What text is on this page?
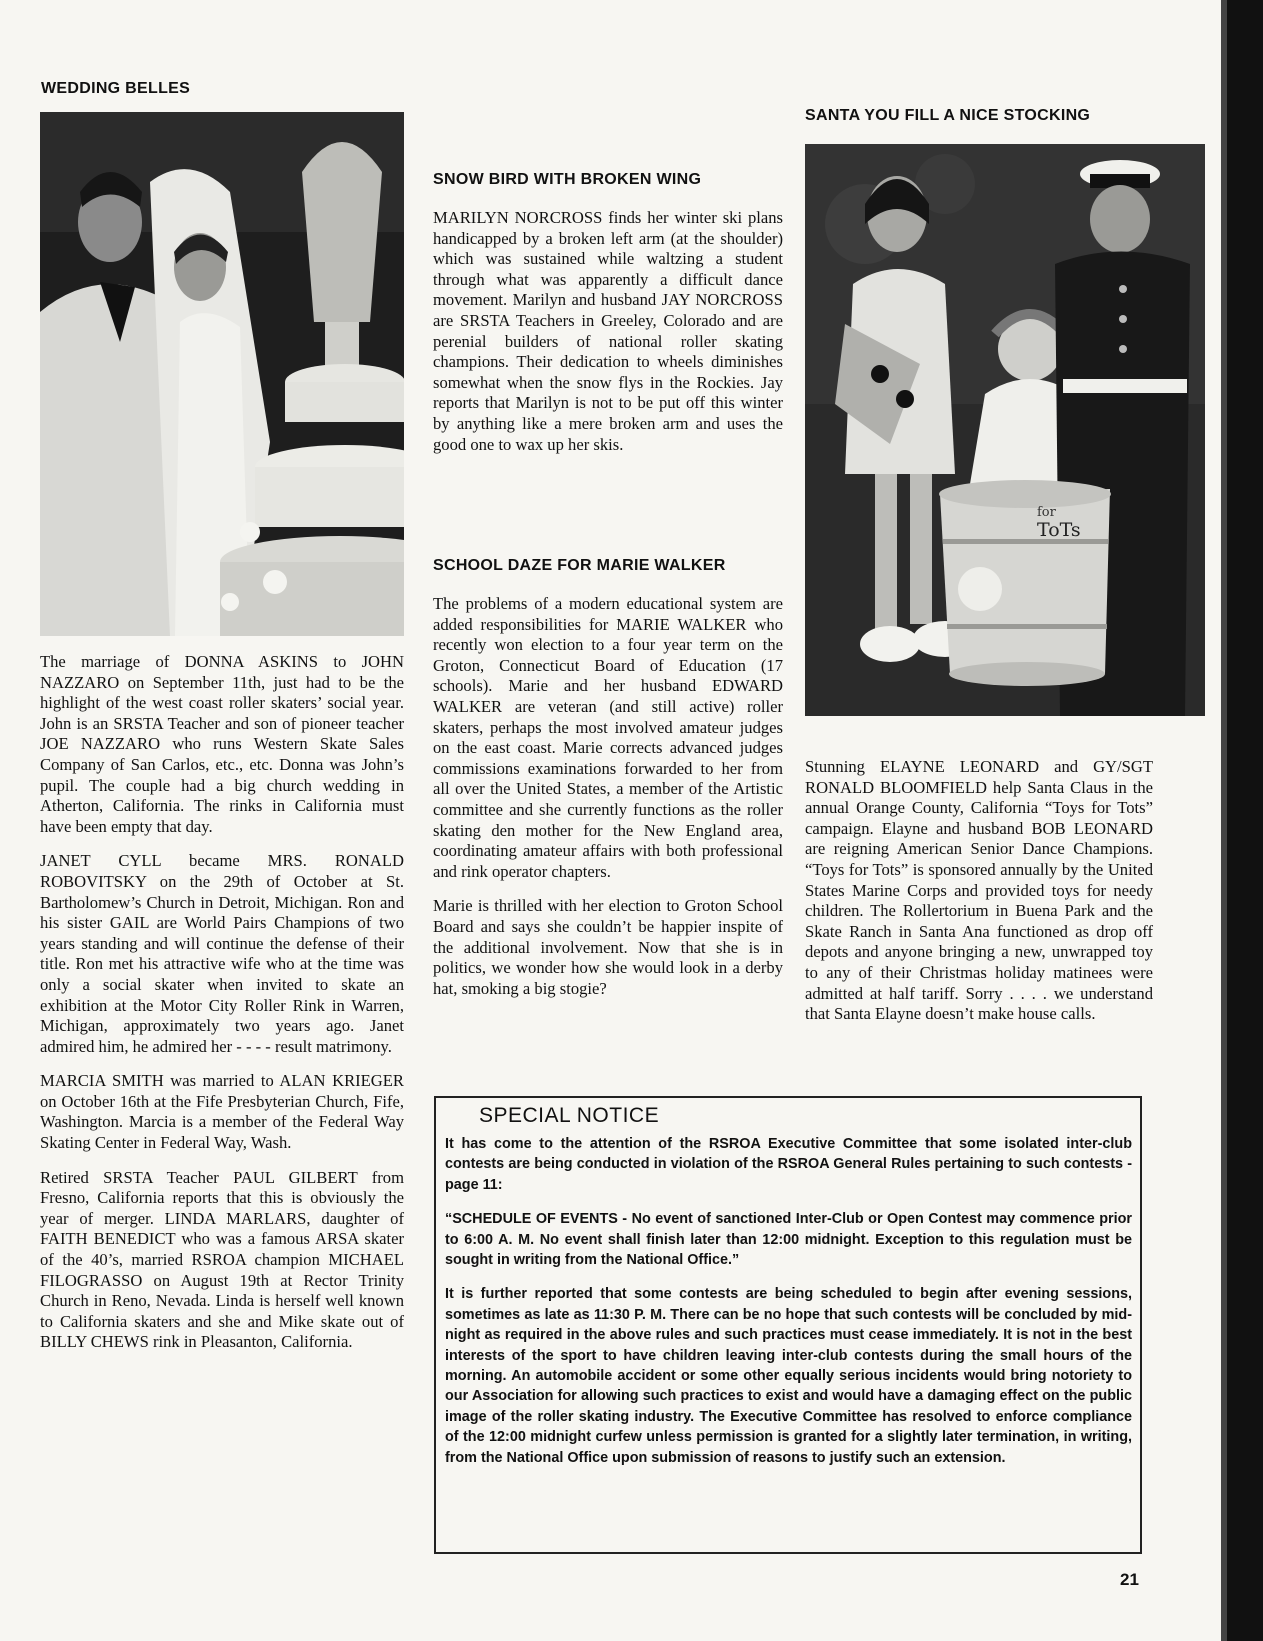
WEDDING BELLES

The marriage of DONNA ASKINS to JOHN NAZZARO on September 11th, just had to be the highlight of the west coast roller skaters’ social year. John is an SRSTA Teacher and son of pioneer teacher JOE NAZZARO who runs Western Skate Sales Company of San Carlos, etc., etc. Donna was John’s pupil. The couple had a big church wedding in Atherton, California. The rinks in California must have been empty that day.

JANET CYLL became MRS. RONALD ROBOVITSKY on the 29th of October at St. Bartholomew’s Church in Detroit, Michigan. Ron and his sister GAIL are World Pairs Champions of two years standing and will continue the defense of their title. Ron met his attractive wife who at the time was only a social skater when invited to skate an exhibition at the Motor City Roller Rink in Warren, Michigan, approximately two years ago. Janet admired him, he admired her - - - - result matrimony.

MARCIA SMITH was married to ALAN KRIEGER on October 16th at the Fife Presbyterian Church, Fife, Washington. Marcia is a member of the Federal Way Skating Center in Federal Way, Wash.

Retired SRSTA Teacher PAUL GILBERT from Fresno, California reports that this is obviously the year of merger. LINDA MARLARS, daughter of FAITH BENEDICT who was a famous ARSA skater of the 40’s, married RSROA champion MICHAEL FILOGRASSO on August 19th at Rector Trinity Church in Reno, Nevada. Linda is herself well known to California skaters and she and Mike skate out of BILLY CHEWS rink in Pleasanton, California.

SNOW BIRD WITH BROKEN WING

MARILYN NORCROSS finds her winter ski plans handicapped by a broken left arm (at the shoulder) which was sustained while waltzing a student through what was apparently a difficult dance movement. Marilyn and husband JAY NORCROSS are SRSTA Teachers in Greeley, Colorado and are perenial builders of national roller skating champions. Their dedication to wheels diminishes somewhat when the snow flys in the Rockies. Jay reports that Marilyn is not to be put off this winter by anything like a mere broken arm and uses the good one to wax up her skis.

SCHOOL DAZE FOR MARIE WALKER

The problems of a modern educational system are added responsibilities for MARIE WALKER who recently won election to a four year term on the Groton, Connecticut Board of Education (17 schools). Marie and her husband EDWARD WALKER are veteran (and still active) roller skaters, perhaps the most involved amateur judges on the east coast. Marie corrects advanced judges commissions examinations forwarded to her from all over the United States, a member of the Artistic committee and she currently functions as the roller skating den mother for the New England area, coordinating amateur affairs with both professional and rink operator chapters.

Marie is thrilled with her election to Groton School Board and says she couldn’t be happier inspite of the additional involvement. Now that she is in politics, we wonder how she would look in a derby hat, smoking a big stogie?

SANTA YOU FILL A NICE STOCKING
for
ToTs

Stunning ELAYNE LEONARD and GY/SGT RONALD BLOOMFIELD help Santa Claus in the annual Orange County, California “Toys for Tots” campaign. Elayne and husband BOB LEONARD are reigning American Senior Dance Champions. “Toys for Tots” is sponsored annually by the United States Marine Corps and provided toys for needy children. The Rollertorium in Buena Park and the Skate Ranch in Santa Ana functioned as drop off depots and anyone bringing a new, unwrapped toy to any of their Christmas holiday matinees were admitted at half tariff. Sorry . . . . we understand that Santa Elayne doesn’t make house calls.

SPECIAL NOTICE

It has come to the attention of the RSROA Executive Committee that some isolated inter-club contests are being conducted in violation of the RSROA General Rules pertaining to such contests - page 11:

“SCHEDULE OF EVENTS - No event of sanctioned Inter-Club or Open Contest may commence prior to 6:00 A. M. No event shall finish later than 12:00 midnight. Exception to this regulation must be sought in writing from the National Office.”

It is further reported that some contests are being scheduled to begin after evening sessions, sometimes as late as 11:30 P. M. There can be no hope that such contests will be concluded by mid-night as required in the above rules and such practices must cease immediately. It is not in the best interests of the sport to have children leaving inter-club contests during the small hours of the morning. An automobile accident or some other equally serious incidents would bring notoriety to our Association for allowing such practices to exist and would have a damaging effect on the public image of the roller skating industry. The Executive Committee has resolved to enforce compliance of the 12:00 midnight curfew unless permission is granted for a slightly later termination, in writing, from the National Office upon submission of reasons to justify such an extension.

21
